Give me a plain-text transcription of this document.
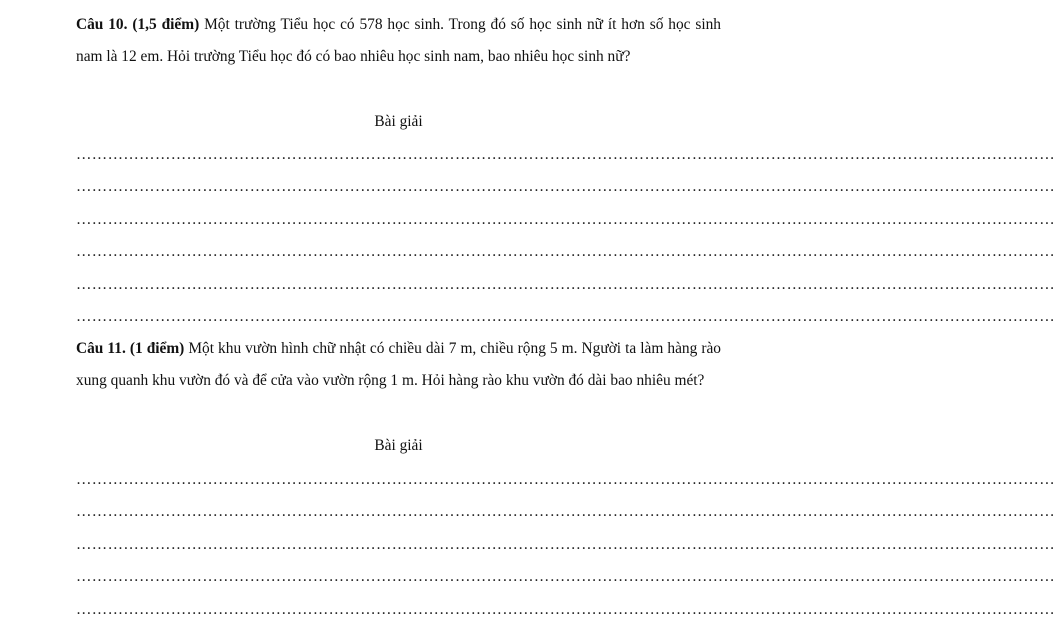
Câu 10. (1,5 điểm) Một trường Tiểu học có 578 học sinh. Trong đó số học sinh nữ ít hơn số học sinh nam là 12 em. Hỏi trường Tiểu học đó có bao nhiêu học sinh nam, bao nhiêu học sinh nữ?

Bài giải
……………………………………………………………………………………………………………………………………………………………………
……………………………………………………………………………………………………………………………………………………………………
……………………………………………………………………………………………………………………………………………………………………
……………………………………………………………………………………………………………………………………………………………………
……………………………………………………………………………………………………………………………………………………………………
……………………………………………………………………………………………………………………………………………………………………

Câu 11. (1 điểm) Một khu vườn hình chữ nhật có chiều dài 7 m, chiều rộng 5 m. Người ta làm hàng rào xung quanh khu vườn đó và để cửa vào vườn rộng 1 m. Hỏi hàng rào khu vườn đó dài bao nhiêu mét?

Bài giải
……………………………………………………………………………………………………………………………………………………………………
……………………………………………………………………………………………………………………………………………………………………
……………………………………………………………………………………………………………………………………………………………………
……………………………………………………………………………………………………………………………………………………………………
……………………………………………………………………………………………………………………………………………………………………
